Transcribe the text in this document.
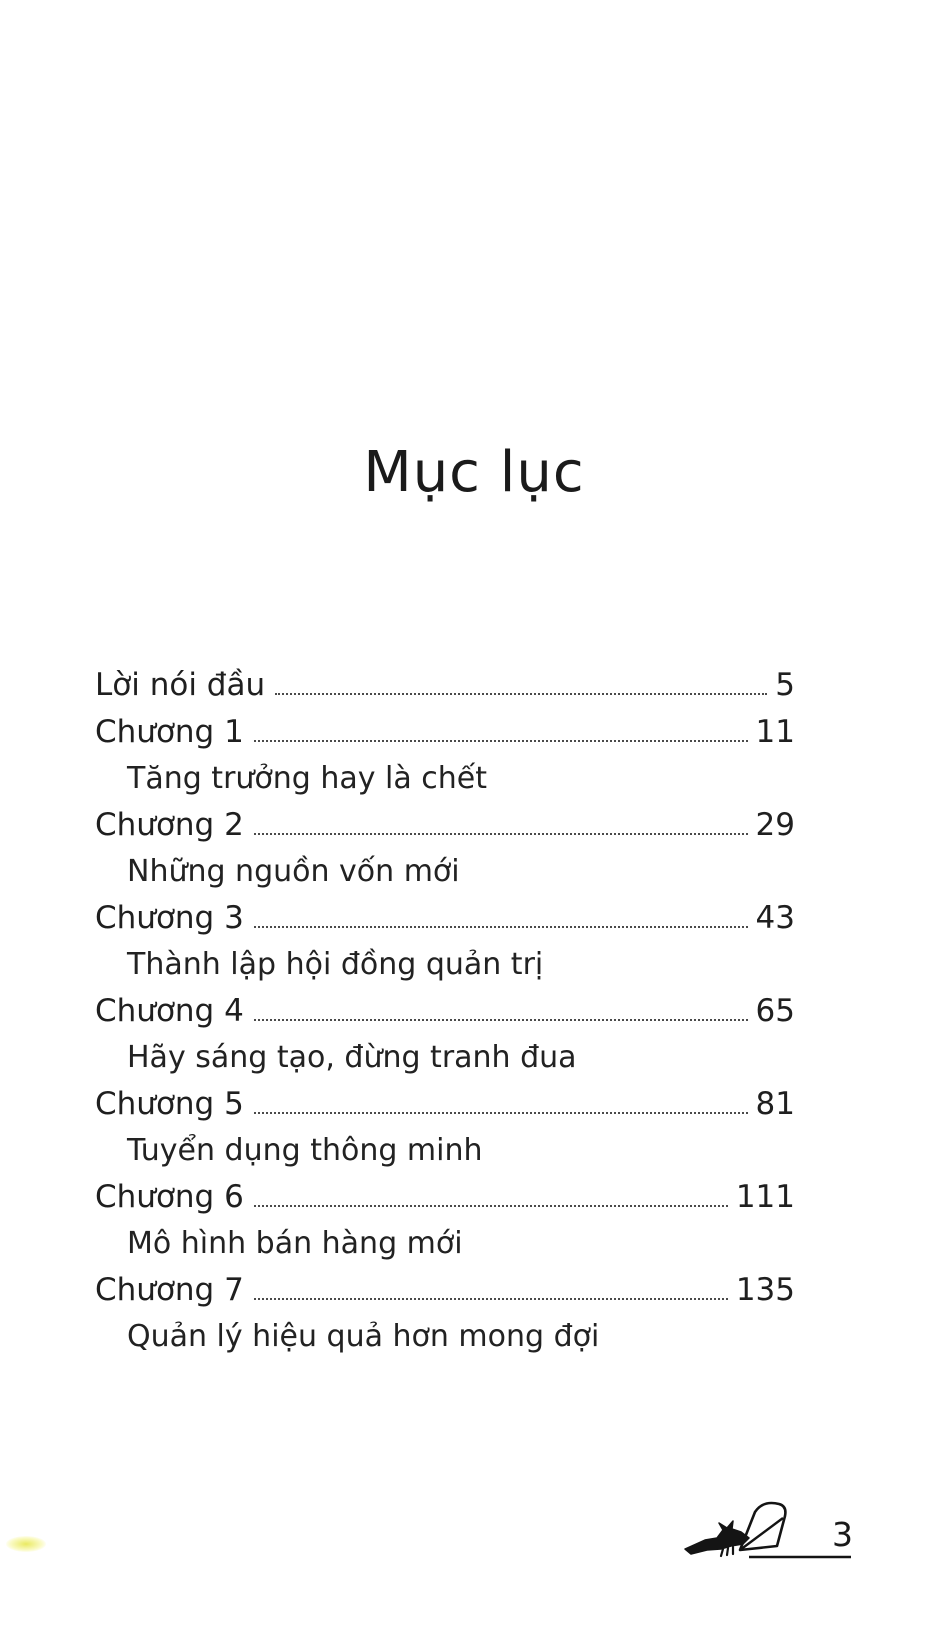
Mục lục
Lời nói đầu	5
Chương 1	11
Tăng trưởng hay là chết
Chương 2	29
Những nguồn vốn mới
Chương 3	43
Thành lập hội đồng quản trị
Chương 4	65
Hãy sáng tạo, đừng tranh đua
Chương 5	81
Tuyển dụng thông minh
Chương 6	111
Mô hình bán hàng mới
Chương 7	135
Quản lý hiệu quả hơn mong đợi
3
